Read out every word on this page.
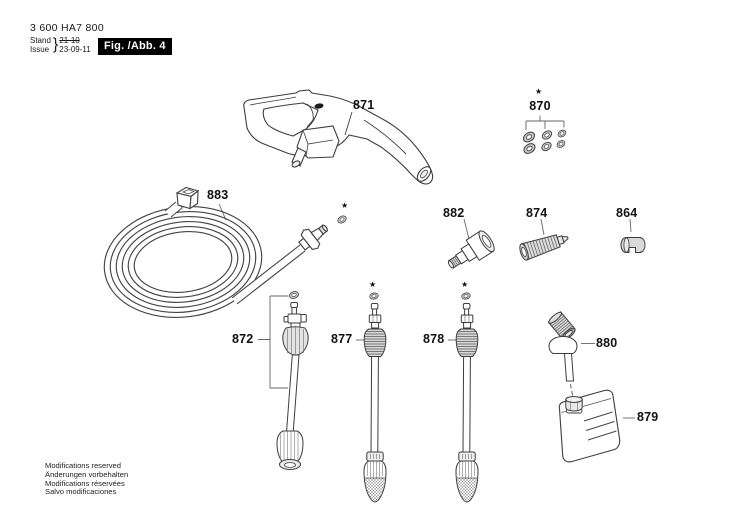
3 600 HA7 800
Stand
Issue } 21-10
23-09-11	Fig. /Abb. 4
871
★
870
883
★
882	874	864
872
★
877
★
878	880
879
Modifications reserved
Änderungen vorbehalten
Modifications réservées
Salvo modificaciones
